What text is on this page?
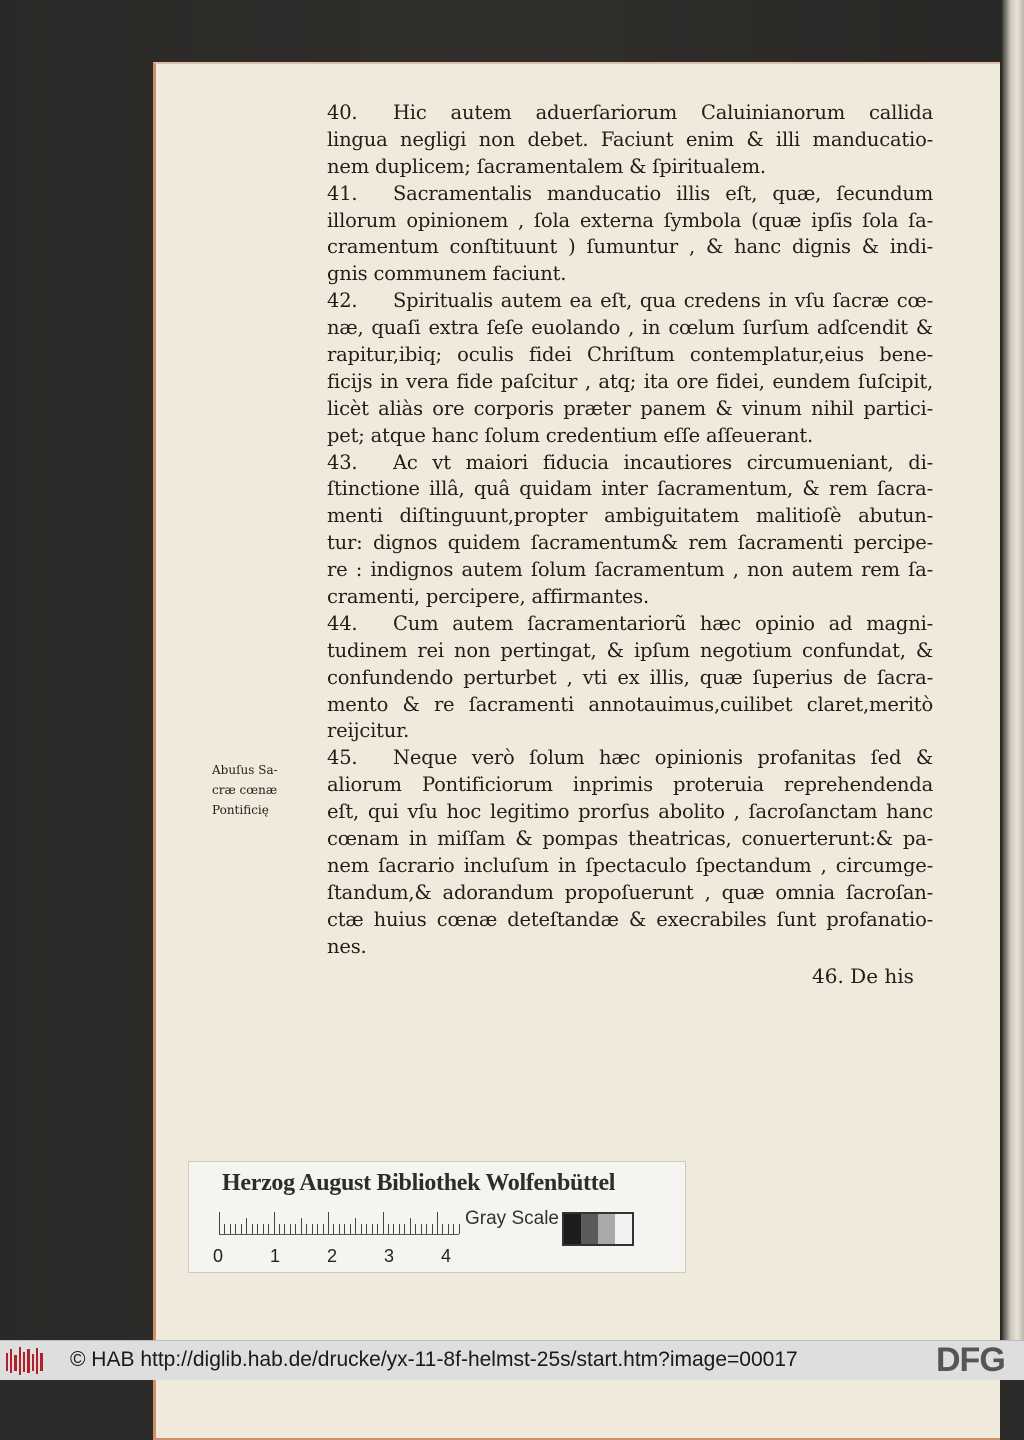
40. Hic autem aduerſariorum Caluinianorum callida
lingua negligi non debet. Faciunt enim & illi manducatio-
nem duplicem; ſacramentalem & ſpiritualem.
41. Sacramentalis manducatio illis eſt, quæ, ſecundum
illorum opinionem , ſola externa ſymbola (quæ ipſis ſola ſa-
cramentum conſtituunt ) ſumuntur , & hanc dignis & indi-
gnis communem faciunt.
42. Spiritualis autem ea eſt, qua credens in vſu ſacræ cœ-
næ, quaſi extra ſeſe euolando , in cœlum ſurſum adſcendit &
rapitur,ibiq; oculis fidei Chriſtum contemplatur,eius bene-
ficijs in vera fide paſcitur , atq; ita ore fidei, eundem ſuſcipit,
licèt aliàs ore corporis præter panem & vinum nihil partici-
pet; atque hanc ſolum credentium eſſe aſſeuerant.
43. Ac vt maiori fiducia incautiores circumueniant, di-
ſtinctione illâ, quâ quidam inter ſacramentum, & rem ſacra-
menti diſtinguunt,propter ambiguitatem malitioſè abutun-
tur: dignos quidem ſacramentum& rem ſacramenti percipe-
re : indignos autem ſolum ſacramentum , non autem rem ſa-
cramenti, percipere, affirmantes.
44. Cum autem ſacramentariorũ hæc opinio ad magni-
tudinem rei non pertingat, & ipſum negotium confundat, &
confundendo perturbet , vti ex illis, quæ ſuperius de ſacra-
mento & re ſacramenti annotauimus,cuilibet claret,meritò
reijcitur.
45. Neque verò ſolum hæc opinionis profanitas ſed &
aliorum Pontificiorum inprimis proteruia reprehendenda
eſt, qui vſu hoc legitimo prorſus abolito , ſacroſanctam hanc
cœnam in miſſam & pompas theatricas, conuerterunt:& pa-
nem ſacrario incluſum in ſpectaculo ſpectandum , circumge-
ſtandum,& adorandum propoſuerunt , quæ omnia ſacroſan-
ctæ huius cœnæ deteſtandæ & execrabiles ſunt profanatio-
nes.
Abuſus Sa-
cræ cœnæ
Pontificię
46. De his
Herzog August Bibliothek Wolfenbüttel
0	1	2	3	4
Gray Scale
© HAB http://diglib.hab.de/drucke/yx-11-8f-helmst-25s/start.htm?image=00017	DFG
